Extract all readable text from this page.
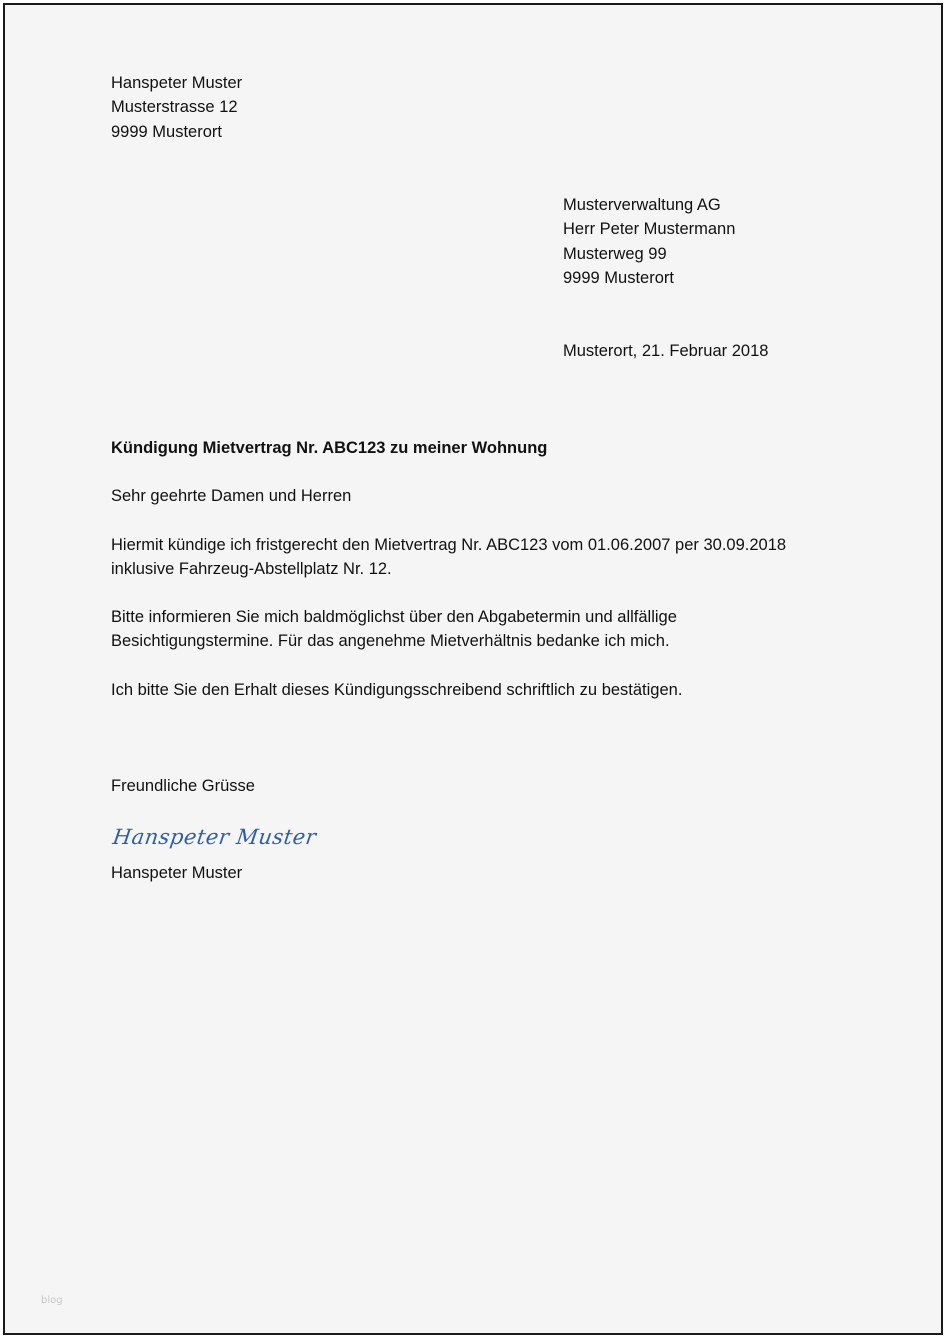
Hanspeter Muster
Musterstrasse 12
9999 Musterort
Musterverwaltung AG
Herr Peter Mustermann
Musterweg 99
9999 Musterort
Musterort, 21. Februar 2018
Kündigung Mietvertrag Nr. ABC123 zu meiner Wohnung
Sehr geehrte Damen und Herren
Hiermit kündige ich fristgerecht den Mietvertrag Nr. ABC123 vom 01.06.2007 per 30.09.2018
inklusive Fahrzeug-Abstellplatz Nr. 12.
Bitte informieren Sie mich baldmöglichst über den Abgabetermin und allfällige
Besichtigungstermine. Für das angenehme Mietverhältnis bedanke ich mich.
Ich bitte Sie den Erhalt dieses Kündigungsschreibend schriftlich zu bestätigen.
Freundliche Grüsse
Hanspeter Muster
Hanspeter Muster
blog
